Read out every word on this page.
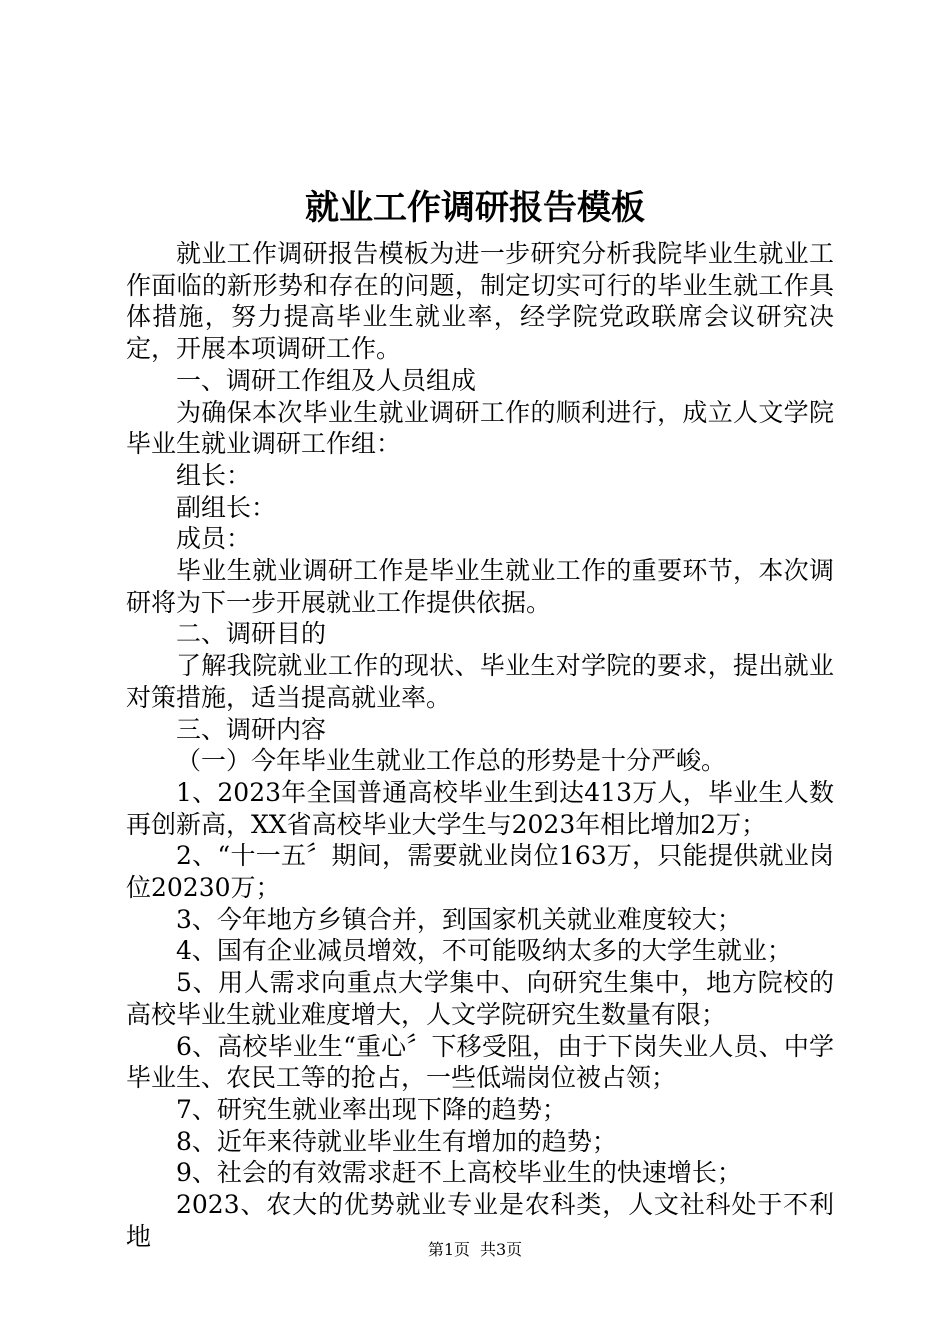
就业工作调研报告模板

就业工作调研报告模板为进一步研究分析我院毕业生就业工作面临的新形势和存在的问题，制定切实可行的毕业生就工作具体措施，努力提高毕业生就业率，经学院党政联席会议研究决定，开展本项调研工作。

一、调研工作组及人员组成

为确保本次毕业生就业调研工作的顺利进行，成立人文学院毕业生就业调研工作组：

组长：

副组长：

成员：

毕业生就业调研工作是毕业生就业工作的重要环节，本次调研将为下一步开展就业工作提供依据。

二、调研目的

了解我院就业工作的现状、毕业生对学院的要求，提出就业对策措施，适当提高就业率。

三、调研内容

（一）今年毕业生就业工作总的形势是十分严峻。

1、2023年全国普通高校毕业生到达413万人，毕业生人数再创新高，XX省高校毕业大学生与2023年相比增加2万；

2、“十一五〞期间，需要就业岗位163万，只能提供就业岗位20230万；

3、今年地方乡镇合并，到国家机关就业难度较大；

4、国有企业减员增效，不可能吸纳太多的大学生就业；

5、用人需求向重点大学集中、向研究生集中，地方院校的高校毕业生就业难度增大，人文学院研究生数量有限；

6、高校毕业生“重心〞下移受阻，由于下岗失业人员、中学毕业生、农民工等的抢占，一些低端岗位被占领；

7、研究生就业率出现下降的趋势；

8、近年来待就业毕业生有增加的趋势；

9、社会的有效需求赶不上高校毕业生的快速增长；

2023、农大的优势就业专业是农科类，人文社科处于不利地	第1页 共3页
